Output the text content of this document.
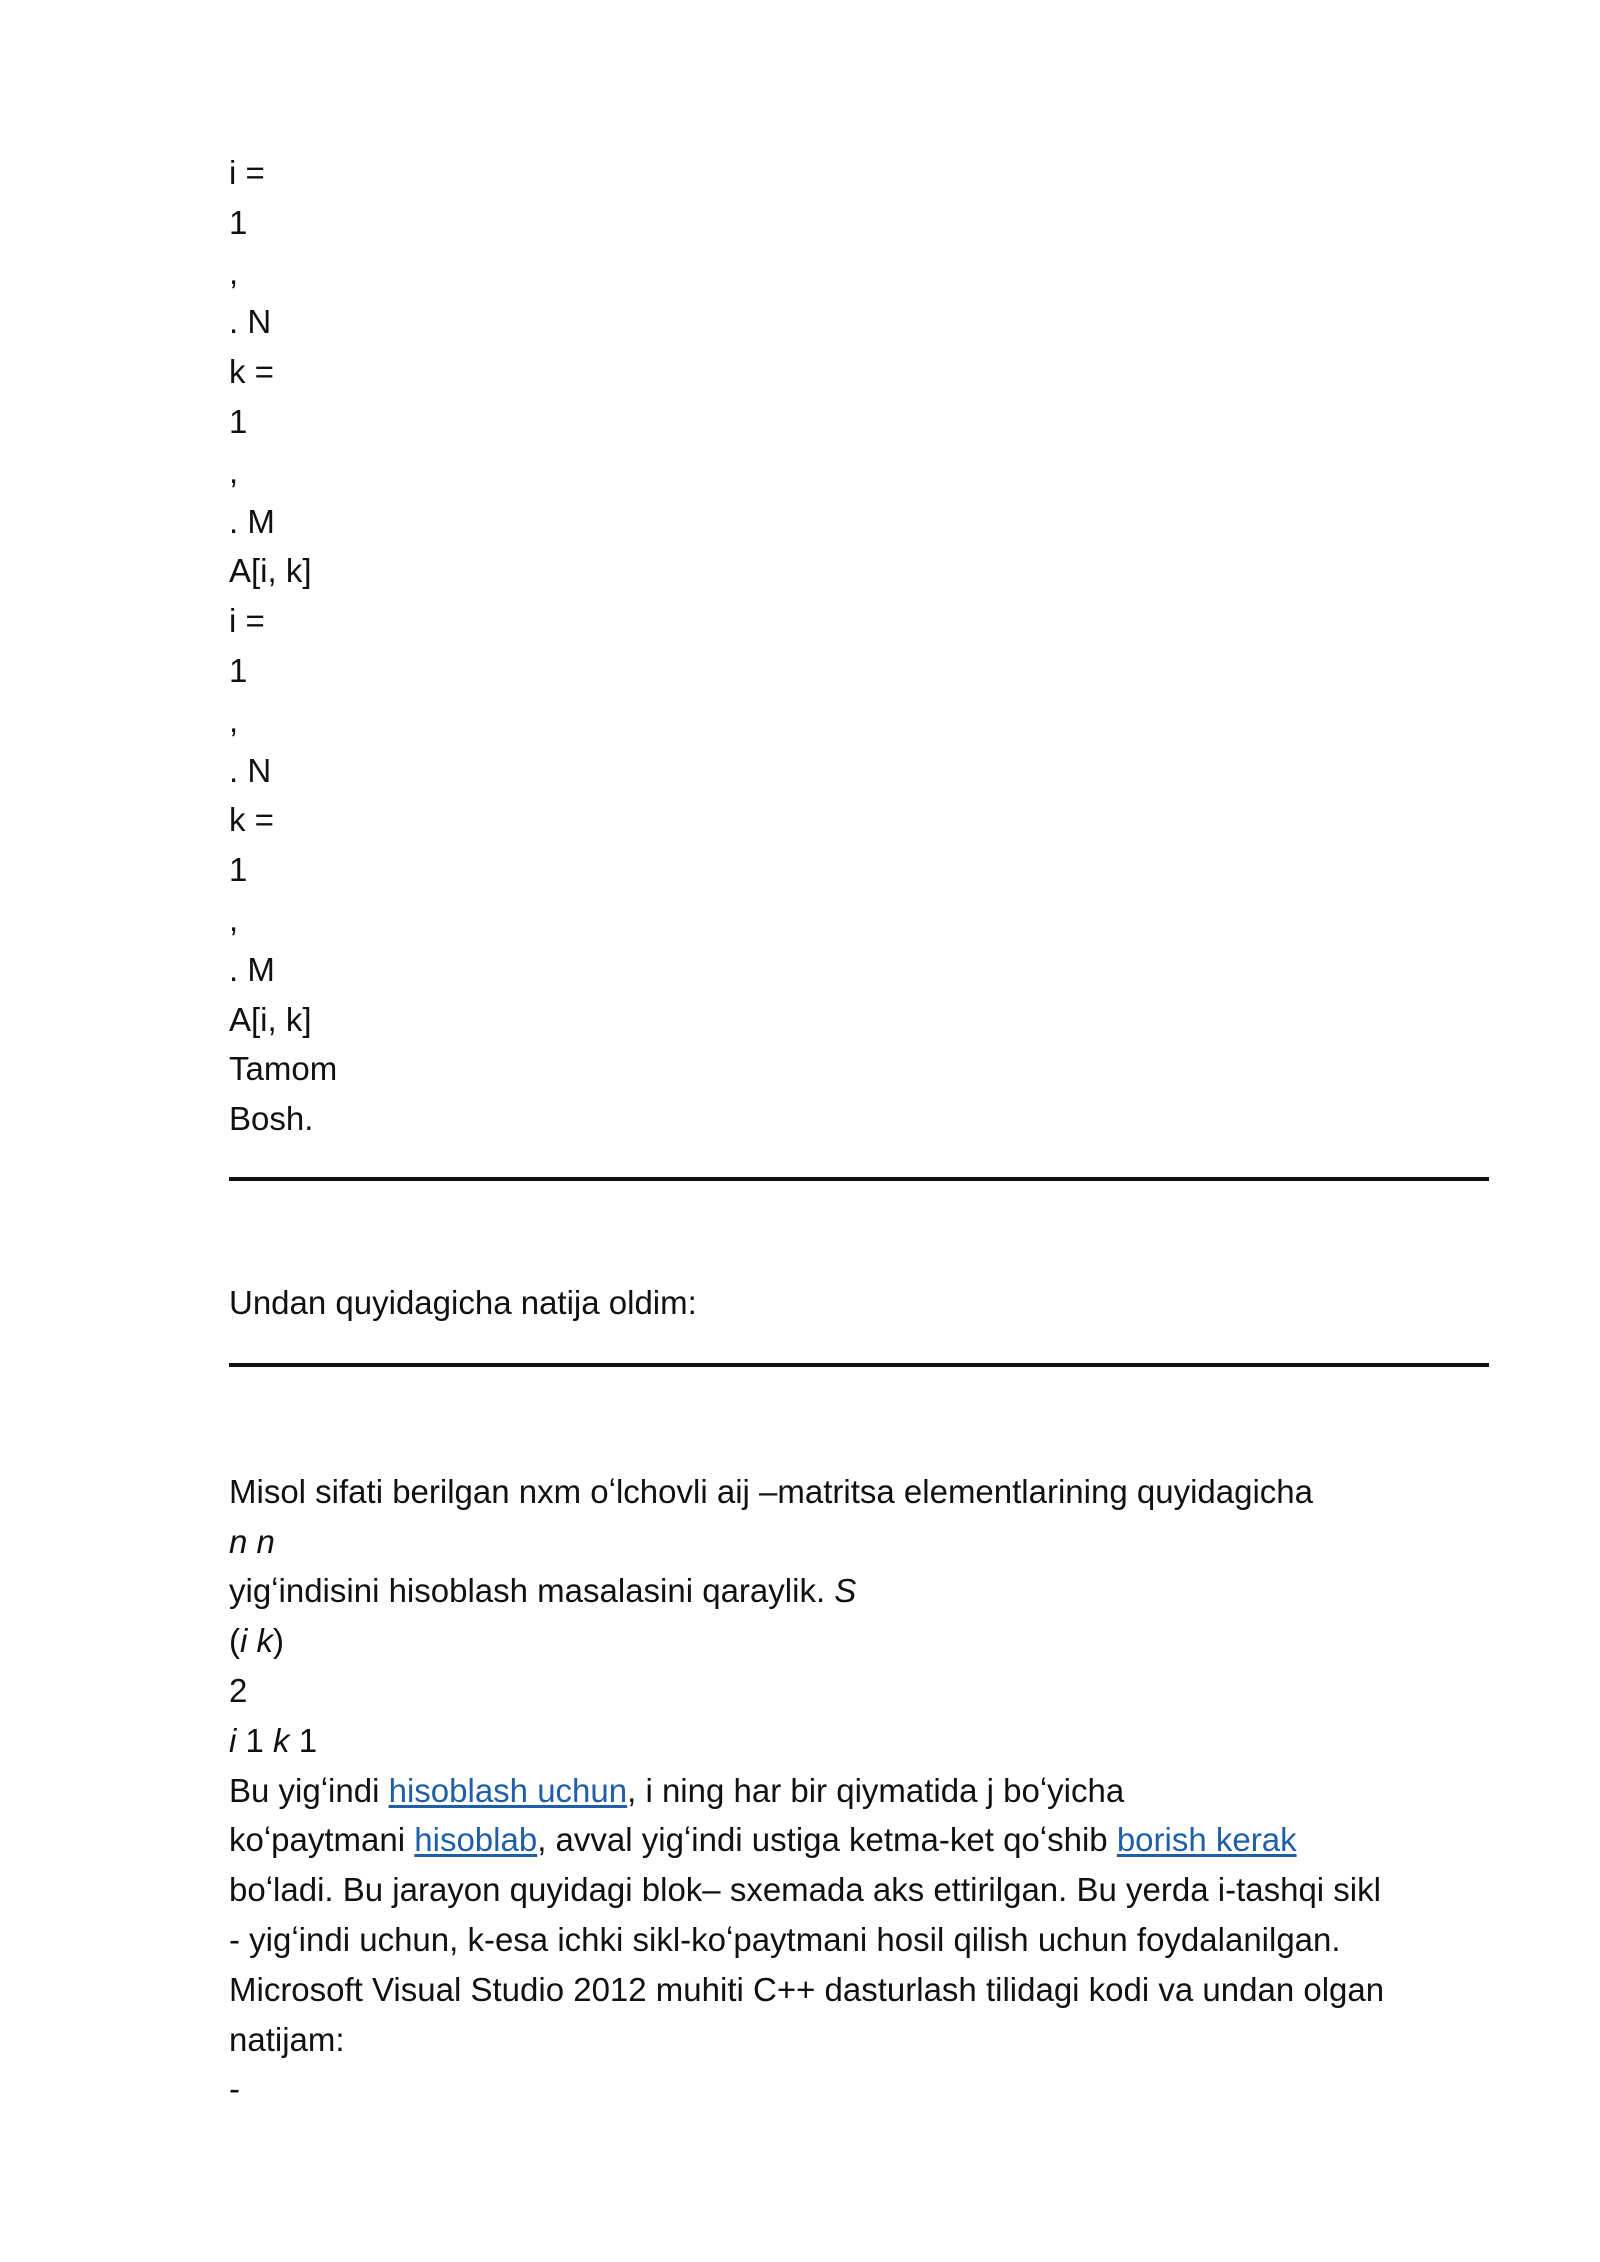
i =

1

,

. N

k =

1

,

. M

A[i, k]

i =

1

,

. N

k =

1

,

. M

A[i, k]

Tamom

Bosh.

Undan quyidagicha natija oldim:

Misol sifati berilgan nxm oʻlchovli aij –matritsa elementlarining quyidagicha

n n

yigʻindisini hisoblash masalasini qaraylik. S

(i k)

2

i 1 k 1

Bu yigʻindi hisoblash uchun, i ning har bir qiymatida j boʻyicha

koʻpaytmani hisoblab, avval yigʻindi ustiga ketma-ket qoʻshib borish kerak

boʻladi. Bu jarayon quyidagi blok– sxemada aks ettirilgan. Bu yerda i-tashqi sikl

- yigʻindi uchun, k-esa ichki sikl-koʻpaytmani hosil qilish uchun foydalanilgan.

Microsoft Visual Studio 2012 muhiti C++ dasturlash tilidagi kodi va undan olgan

natijam:

-
